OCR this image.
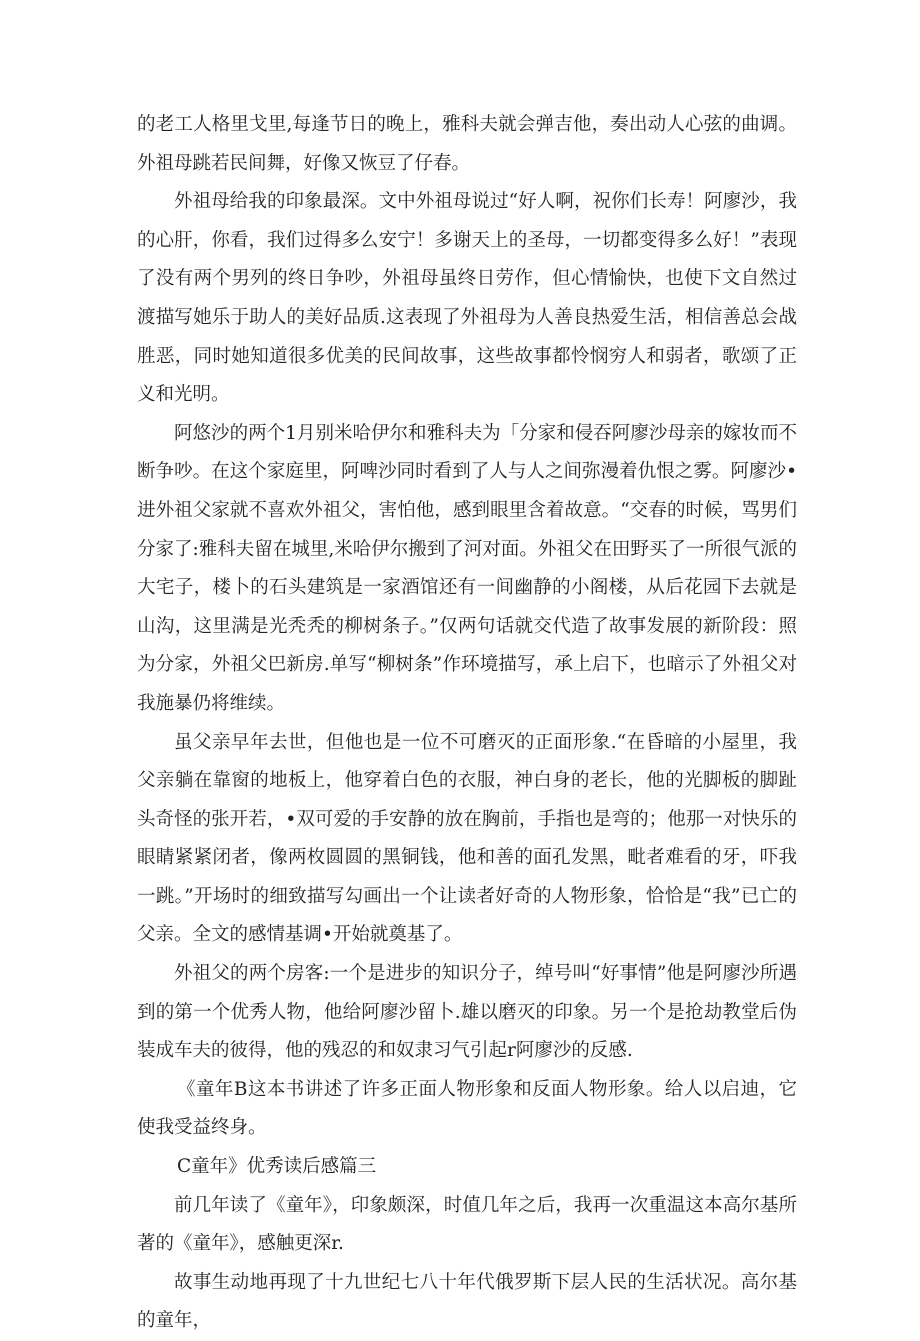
的老工人格里戈里,每逢节日的晚上，雅科夫就会弹吉他，奏出动人心弦的曲调。外祖母跳若民间舞，好像又恢豆了仔春。

外祖母给我的印象最深。文中外祖母说过“好人啊，祝你们长寿！阿廖沙，我的心肝，你看，我们过得多么安宁！多谢天上的圣母，一切都变得多么好！”表现了没有两个男列的终日争吵，外祖母虽终日劳作，但心情愉快，也使下文自然过渡描写她乐于助人的美好品质.这表现了外祖母为人善良热爱生活，相信善总会战胜恶，同时她知道很多优美的民间故事，这些故事都怜悯穷人和弱者，歌颂了正义和光明。

阿悠沙的两个1月别米哈伊尔和雅科夫为「分家和侵吞阿廖沙母亲的嫁妆而不断争吵。在这个家庭里，阿啤沙同时看到了人与人之间弥漫着仇恨之雾。阿廖沙•进外祖父家就不喜欢外祖父，害怕他，感到眼里含着故意。“交春的时候，骂男们分家了:雅科夫留在城里,米哈伊尔搬到了河对面。外祖父在田野买了一所很气派的大宅子，楼卜的石头建筑是一家酒馆还有一间幽静的小阁楼，从后花园下去就是山沟，这里满是光秃秃的柳树条子。”仅两句话就交代造了故事发展的新阶段：照为分家，外祖父巴新房.单写“柳树条”作环境描写，承上启下，也暗示了外祖父对我施暴仍将维续。

虽父亲早年去世，但他也是一位不可磨灭的正面形象.“在昏暗的小屋里，我父亲躺在靠窗的地板上，他穿着白色的衣服，神白身的老长，他的光脚板的脚趾头奇怪的张开若，•双可爱的手安静的放在胸前，手指也是弯的；他那一对快乐的眼睛紧紧闭者，像两枚圆圆的黑铜钱，他和善的面孔发黑，毗者难看的牙，吓我一跳。”开场时的细致描写勾画出一个让读者好奇的人物形象，恰恰是“我”已亡的父亲。全文的感情基调•开始就奠基了。

外祖父的两个房客:一个是进步的知识分子，绰号叫“好事情”他是阿廖沙所遇到的第一个优秀人物，他给阿廖沙留卜.雄以磨灭的印象。另一个是抢劫教堂后伪装成车夫的彼得，他的残忍的和奴隶习气引起r阿廖沙的反感.

《童年B这本书讲述了许多正面人物形象和反面人物形象。给人以启迪，它使我受益终身。

C童年》优秀读后感篇三

前几年读了《童年》，印象颇深，时值几年之后，我再一次重温这本高尔基所著的《童年》，感触更深r.

故事生动地再现了十九世纪七八十年代俄罗斯下层人民的生活状况。高尔基的童年，
